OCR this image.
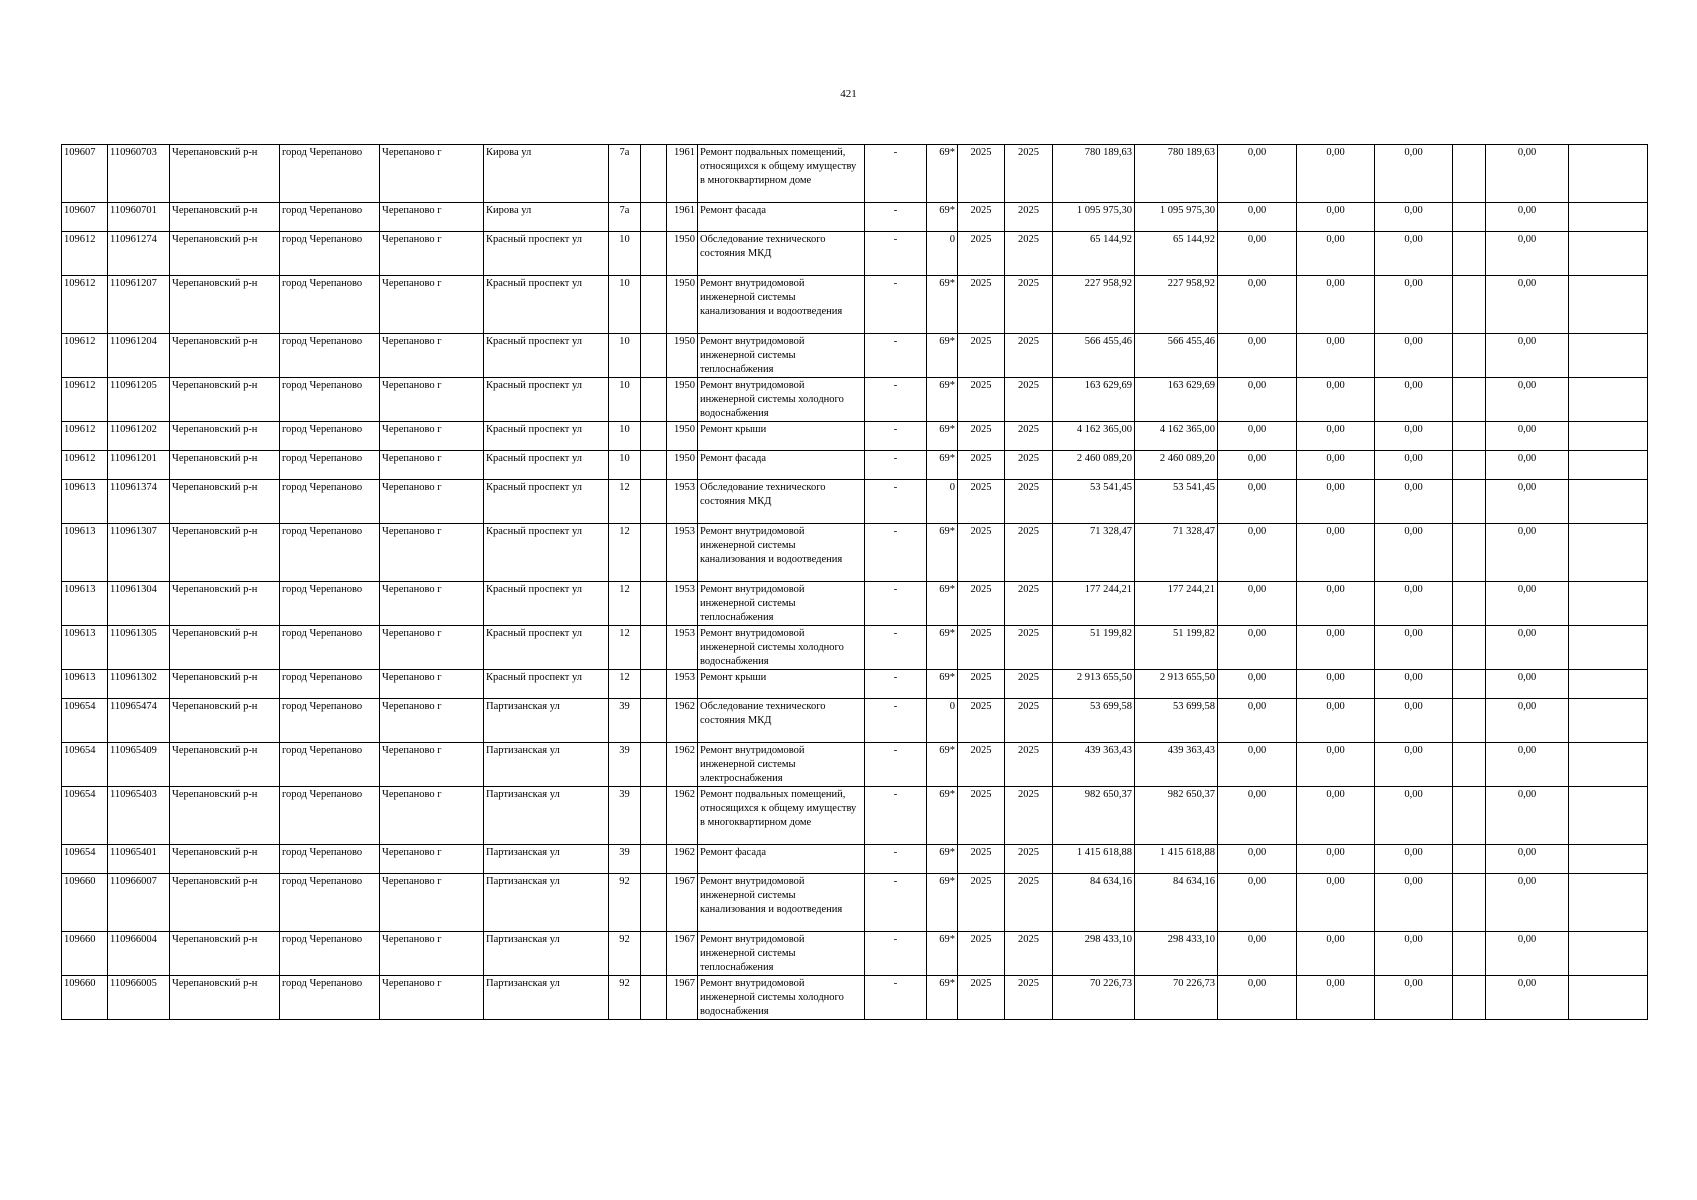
421
109607	110960703	Черепановский р-н	город Черепаново	Черепаново г	Кирова ул	7а		1961	Ремонт подвальных помещений, относящихся к общему имуществу в многоквартирном доме	-	69*	2025	2025	780 189,63	780 189,63	0,00	0,00	0,00		0,00	
109607	110960701	Черепановский р-н	город Черепаново	Черепаново г	Кирова ул	7а		1961	Ремонт фасада	-	69*	2025	2025	1 095 975,30	1 095 975,30	0,00	0,00	0,00		0,00	
109612	110961274	Черепановский р-н	город Черепаново	Черепаново г	Красный проспект ул	10		1950	Обследование технического состояния МКД	-	0	2025	2025	65 144,92	65 144,92	0,00	0,00	0,00		0,00	
109612	110961207	Черепановский р-н	город Черепаново	Черепаново г	Красный проспект ул	10		1950	Ремонт внутридомовой инженерной системы канализования и водоотведения	-	69*	2025	2025	227 958,92	227 958,92	0,00	0,00	0,00		0,00	
109612	110961204	Черепановский р-н	город Черепаново	Черепаново г	Красный проспект ул	10		1950	Ремонт внутридомовой инженерной системы теплоснабжения	-	69*	2025	2025	566 455,46	566 455,46	0,00	0,00	0,00		0,00	
109612	110961205	Черепановский р-н	город Черепаново	Черепаново г	Красный проспект ул	10		1950	Ремонт внутридомовой инженерной системы холодного водоснабжения	-	69*	2025	2025	163 629,69	163 629,69	0,00	0,00	0,00		0,00	
109612	110961202	Черепановский р-н	город Черепаново	Черепаново г	Красный проспект ул	10		1950	Ремонт крыши	-	69*	2025	2025	4 162 365,00	4 162 365,00	0,00	0,00	0,00		0,00	
109612	110961201	Черепановский р-н	город Черепаново	Черепаново г	Красный проспект ул	10		1950	Ремонт фасада	-	69*	2025	2025	2 460 089,20	2 460 089,20	0,00	0,00	0,00		0,00	
109613	110961374	Черепановский р-н	город Черепаново	Черепаново г	Красный проспект ул	12		1953	Обследование технического состояния МКД	-	0	2025	2025	53 541,45	53 541,45	0,00	0,00	0,00		0,00	
109613	110961307	Черепановский р-н	город Черепаново	Черепаново г	Красный проспект ул	12		1953	Ремонт внутридомовой инженерной системы канализования и водоотведения	-	69*	2025	2025	71 328,47	71 328,47	0,00	0,00	0,00		0,00	
109613	110961304	Черепановский р-н	город Черепаново	Черепаново г	Красный проспект ул	12		1953	Ремонт внутридомовой инженерной системы теплоснабжения	-	69*	2025	2025	177 244,21	177 244,21	0,00	0,00	0,00		0,00	
109613	110961305	Черепановский р-н	город Черепаново	Черепаново г	Красный проспект ул	12		1953	Ремонт внутридомовой инженерной системы холодного водоснабжения	-	69*	2025	2025	51 199,82	51 199,82	0,00	0,00	0,00		0,00	
109613	110961302	Черепановский р-н	город Черепаново	Черепаново г	Красный проспект ул	12		1953	Ремонт крыши	-	69*	2025	2025	2 913 655,50	2 913 655,50	0,00	0,00	0,00		0,00	
109654	110965474	Черепановский р-н	город Черепаново	Черепаново г	Партизанская ул	39		1962	Обследование технического состояния МКД	-	0	2025	2025	53 699,58	53 699,58	0,00	0,00	0,00		0,00	
109654	110965409	Черепановский р-н	город Черепаново	Черепаново г	Партизанская ул	39		1962	Ремонт внутридомовой инженерной системы электроснабжения	-	69*	2025	2025	439 363,43	439 363,43	0,00	0,00	0,00		0,00	
109654	110965403	Черепановский р-н	город Черепаново	Черепаново г	Партизанская ул	39		1962	Ремонт подвальных помещений, относящихся к общему имуществу в многоквартирном доме	-	69*	2025	2025	982 650,37	982 650,37	0,00	0,00	0,00		0,00	
109654	110965401	Черепановский р-н	город Черепаново	Черепаново г	Партизанская ул	39		1962	Ремонт фасада	-	69*	2025	2025	1 415 618,88	1 415 618,88	0,00	0,00	0,00		0,00	
109660	110966007	Черепановский р-н	город Черепаново	Черепаново г	Партизанская ул	92		1967	Ремонт внутридомовой инженерной системы канализования и водоотведения	-	69*	2025	2025	84 634,16	84 634,16	0,00	0,00	0,00		0,00	
109660	110966004	Черепановский р-н	город Черепаново	Черепаново г	Партизанская ул	92		1967	Ремонт внутридомовой инженерной системы теплоснабжения	-	69*	2025	2025	298 433,10	298 433,10	0,00	0,00	0,00		0,00	
109660	110966005	Черепановский р-н	город Черепаново	Черепаново г	Партизанская ул	92		1967	Ремонт внутридомовой инженерной системы холодного водоснабжения	-	69*	2025	2025	70 226,73	70 226,73	0,00	0,00	0,00		0,00	
